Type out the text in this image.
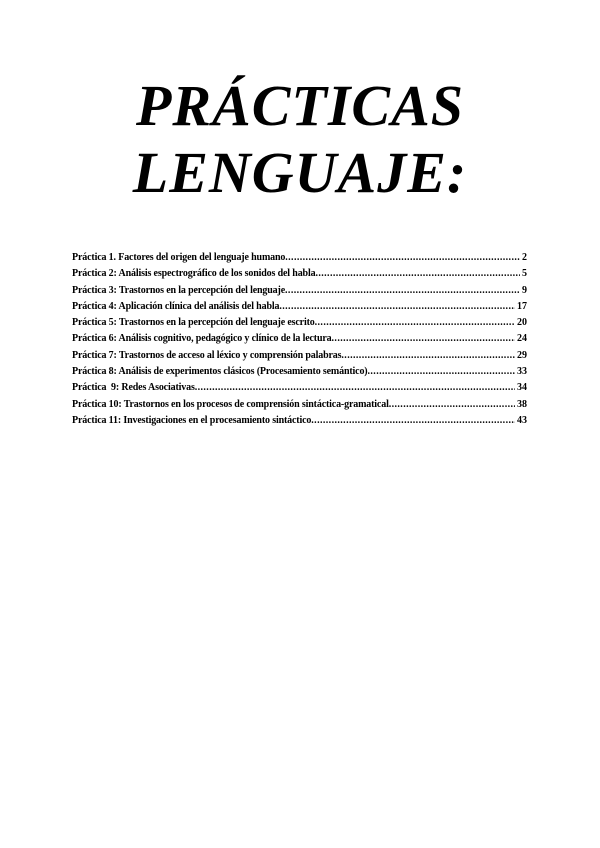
PRÁCTICAS
LENGUAJE:
Práctica 1. Factores del origen del lenguaje humano .....	2
Práctica 2: Análisis espectrográfico de los sonidos del habla .....	5
Práctica 3: Trastornos en la percepción del lenguaje .....	9
Práctica 4: Aplicación clínica del análisis del habla .....	17
Práctica 5: Trastornos en la percepción del lenguaje escrito .....	20
Práctica 6: Análisis cognitivo, pedagógico y clínico de la lectura .....	24
Práctica 7: Trastornos de acceso al léxico y comprensión palabras .....	29
Práctica 8: Análisis de experimentos clásicos (Procesamiento semántico) .....	33
Práctica  9: Redes Asociativas .....	34
Práctica 10: Trastornos en los procesos de comprensión sintáctica-gramatical .....	38
Práctica 11: Investigaciones en el procesamiento sintáctico .....	43
